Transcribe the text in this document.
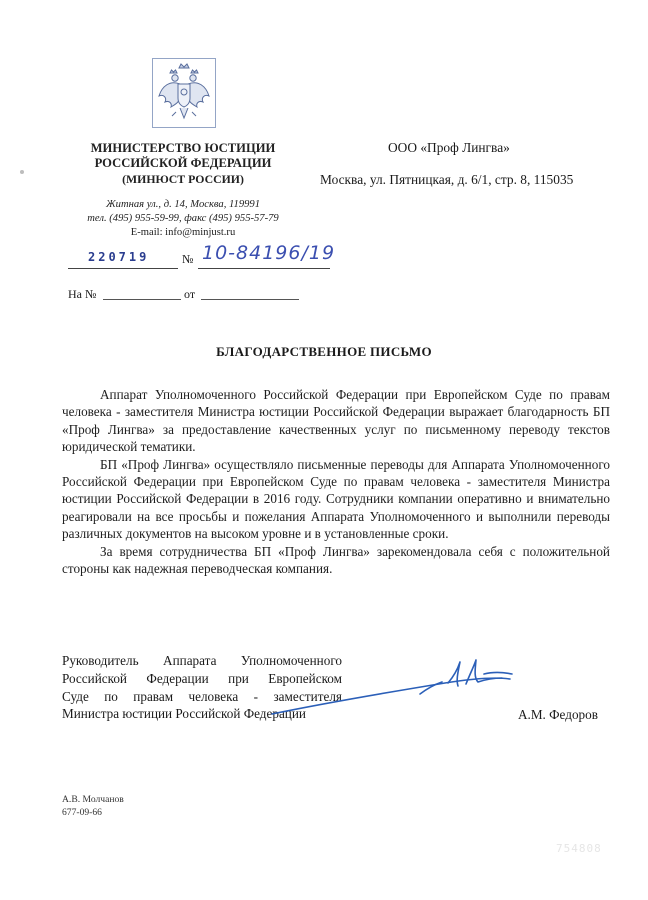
МИНИСТЕРСТВО ЮСТИЦИИ
РОССИЙСКОЙ ФЕДЕРАЦИИ
(МИНЮСТ РОССИИ)
Житная ул., д. 14, Москва, 119991
тел. (495) 955-59-99, факс (495) 955-57-79
E-mail: info@minjust.ru
220719	№ 10-84196/19
На №	от
ООО «Проф Лингва»
Москва, ул. Пятницкая, д. 6/1, стр. 8, 115035
БЛАГОДАРСТВЕННОЕ ПИСЬМО

Аппарат Уполномоченного Российской Федерации при Европейском Суде по правам человека - заместителя Министра юстиции Российской Федерации выражает благодарность БП «Проф Лингва» за предоставление качественных услуг по письменному переводу текстов юридической тематики.

БП «Проф Лингва» осуществляло письменные переводы для Аппарата Уполномоченного Российской Федерации при Европейском Суде по правам человека - заместителя Министра юстиции Российской Федерации в 2016 году. Сотрудники компании оперативно и внимательно реагировали на все просьбы и пожелания Аппарата Уполномоченного и выполнили переводы различных документов на высоком уровне и в установленные сроки.

За время сотрудничества БП «Проф Лингва» зарекомендовала себя с положительной стороны как надежная переводческая компания.

Руководитель Аппарата Уполномоченного
Российской Федерации при Европейском
Суде по правам человека - заместителя
Министра юстиции Российской Федерации	А.М. Федоров
А.В. Молчанов
677-09-66
754808
